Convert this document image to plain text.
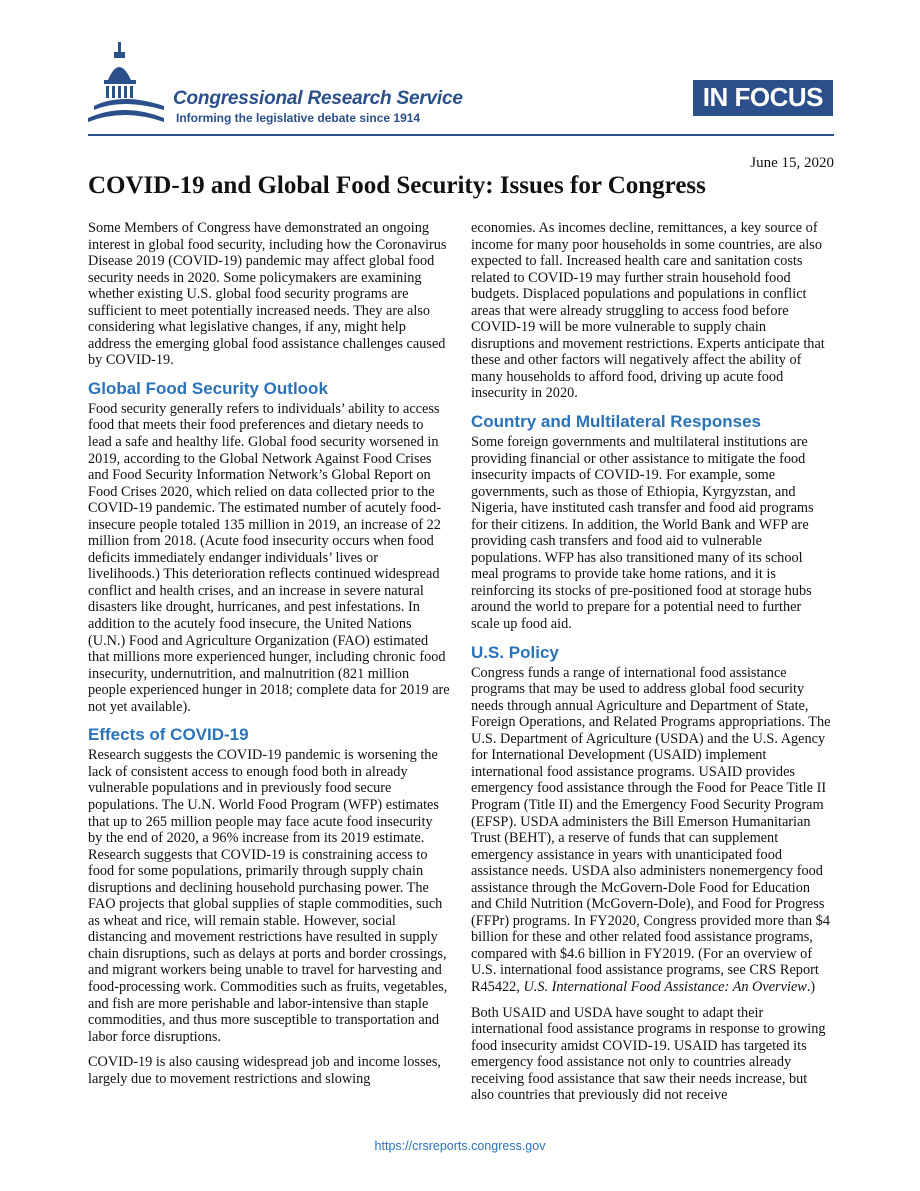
Congressional Research Service
Informing the legislative debate since 1914
IN FOCUS
June 15, 2020
COVID-19 and Global Food Security: Issues for Congress

Some Members of Congress have demonstrated an ongoing interest in global food security, including how the Coronavirus Disease 2019 (COVID-19) pandemic may affect global food security needs in 2020. Some policymakers are examining whether existing U.S. global food security programs are sufficient to meet potentially increased needs. They are also considering what legislative changes, if any, might help address the emerging global food assistance challenges caused by COVID-19.

Global Food Security Outlook

Food security generally refers to individuals’ ability to access food that meets their food preferences and dietary needs to lead a safe and healthy life. Global food security worsened in 2019, according to the Global Network Against Food Crises and Food Security Information Network’s Global Report on Food Crises 2020, which relied on data collected prior to the COVID-19 pandemic. The estimated number of acutely food-insecure people totaled 135 million in 2019, an increase of 22 million from 2018. (Acute food insecurity occurs when food deficits immediately endanger individuals’ lives or livelihoods.) This deterioration reflects continued widespread conflict and health crises, and an increase in severe natural disasters like drought, hurricanes, and pest infestations. In addition to the acutely food insecure, the United Nations (U.N.) Food and Agriculture Organization (FAO) estimated that millions more experienced hunger, including chronic food insecurity, undernutrition, and malnutrition (821 million people experienced hunger in 2018; complete data for 2019 are not yet available).

Effects of COVID-19

Research suggests the COVID-19 pandemic is worsening the lack of consistent access to enough food both in already vulnerable populations and in previously food secure populations. The U.N. World Food Program (WFP) estimates that up to 265 million people may face acute food insecurity by the end of 2020, a 96% increase from its 2019 estimate. Research suggests that COVID-19 is constraining access to food for some populations, primarily through supply chain disruptions and declining household purchasing power. The FAO projects that global supplies of staple commodities, such as wheat and rice, will remain stable. However, social distancing and movement restrictions have resulted in supply chain disruptions, such as delays at ports and border crossings, and migrant workers being unable to travel for harvesting and food-processing work. Commodities such as fruits, vegetables, and fish are more perishable and labor-intensive than staple commodities, and thus more susceptible to transportation and labor force disruptions.

COVID-19 is also causing widespread job and income losses, largely due to movement restrictions and slowing

economies. As incomes decline, remittances, a key source of income for many poor households in some countries, are also expected to fall. Increased health care and sanitation costs related to COVID-19 may further strain household food budgets. Displaced populations and populations in conflict areas that were already struggling to access food before COVID-19 will be more vulnerable to supply chain disruptions and movement restrictions. Experts anticipate that these and other factors will negatively affect the ability of many households to afford food, driving up acute food insecurity in 2020.

Country and Multilateral Responses

Some foreign governments and multilateral institutions are providing financial or other assistance to mitigate the food insecurity impacts of COVID-19. For example, some governments, such as those of Ethiopia, Kyrgyzstan, and Nigeria, have instituted cash transfer and food aid programs for their citizens. In addition, the World Bank and WFP are providing cash transfers and food aid to vulnerable populations. WFP has also transitioned many of its school meal programs to provide take home rations, and it is reinforcing its stocks of pre-positioned food at storage hubs around the world to prepare for a potential need to further scale up food aid.

U.S. Policy

Congress funds a range of international food assistance programs that may be used to address global food security needs through annual Agriculture and Department of State, Foreign Operations, and Related Programs appropriations. The U.S. Department of Agriculture (USDA) and the U.S. Agency for International Development (USAID) implement international food assistance programs. USAID provides emergency food assistance through the Food for Peace Title II Program (Title II) and the Emergency Food Security Program (EFSP). USDA administers the Bill Emerson Humanitarian Trust (BEHT), a reserve of funds that can supplement emergency assistance in years with unanticipated food assistance needs. USDA also administers nonemergency food assistance through the McGovern-Dole Food for Education and Child Nutrition (McGovern-Dole), and Food for Progress (FFPr) programs. In FY2020, Congress provided more than $4 billion for these and other related food assistance programs, compared with $4.6 billion in FY2019. (For an overview of U.S. international food assistance programs, see CRS Report R45422, U.S. International Food Assistance: An Overview.)

Both USAID and USDA have sought to adapt their international food assistance programs in response to growing food insecurity amidst COVID-19. USAID has targeted its emergency food assistance not only to countries already receiving food assistance that saw their needs increase, but also countries that previously did not receive

https://crsreports.congress.gov
